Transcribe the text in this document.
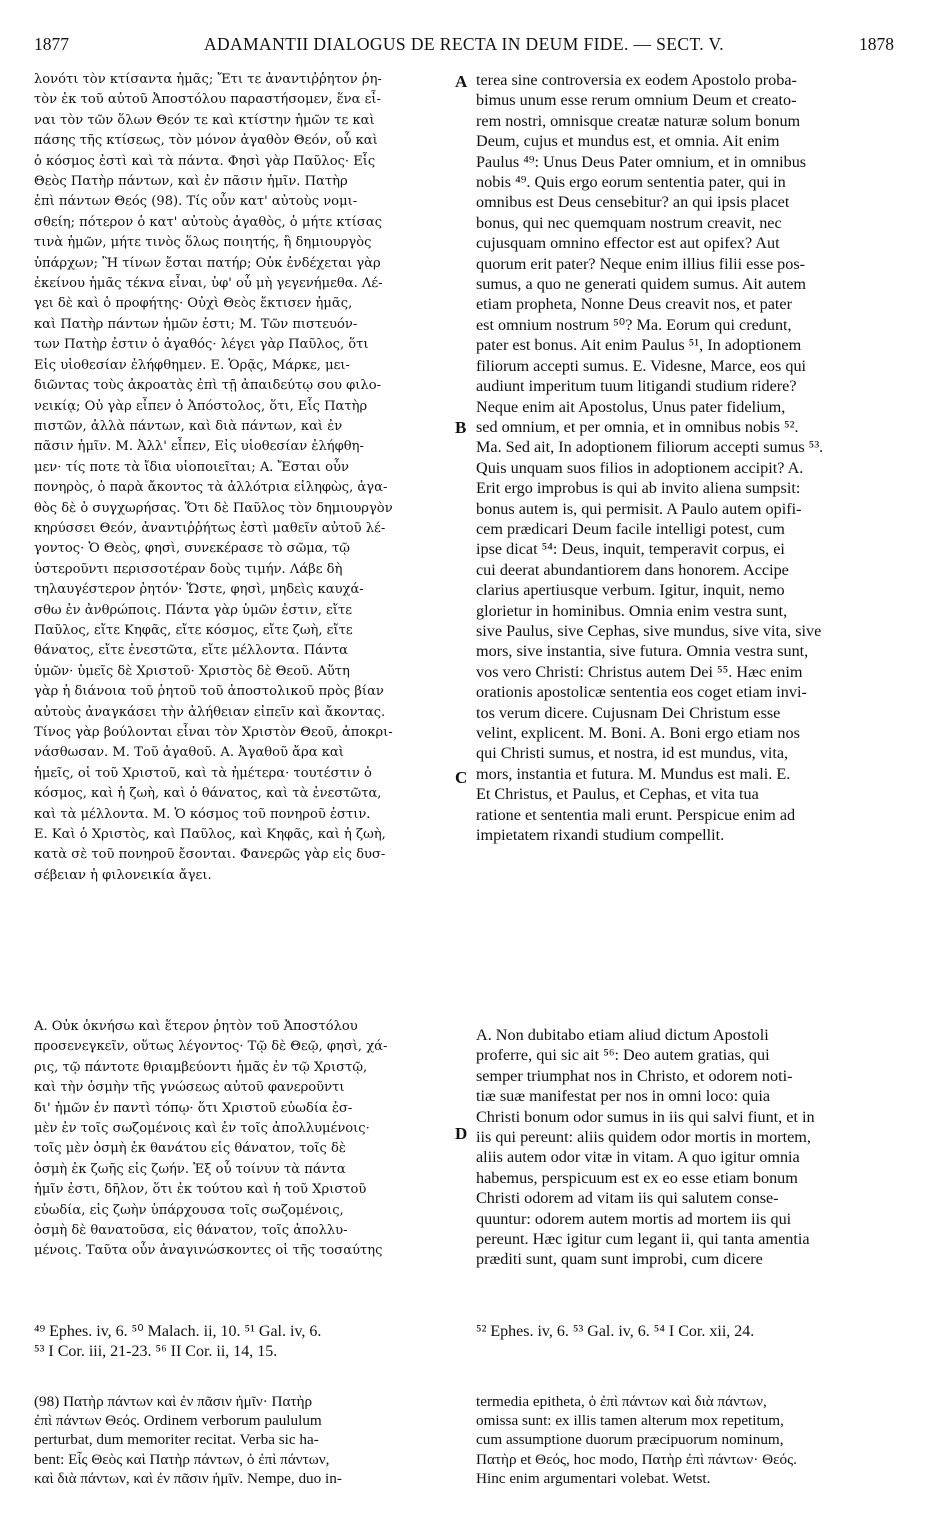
1877	ADAMANTII DIALOGUS DE RECTA IN DEUM FIDE. — SECT. V.	1878
λονότι τὸν κτίσαντα ἡμᾶς; Ἔτι τε ἀναντιῤῥητον ῥη-
τὸν ἐκ τοῦ αὐτοῦ Ἀποστόλου παραστήσομεν, ἕνα εἶ-
ναι τὸν τῶν ὅλων Θεόν τε καὶ κτίστην ἡμῶν τε καὶ
πάσης τῆς κτίσεως, τὸν μόνον ἀγαθὸν Θεόν, οὗ καὶ
ὁ κόσμος ἐστὶ καὶ τὰ πάντα. Φησὶ γὰρ Παῦλος· Εἷς
Θεὸς Πατὴρ πάντων, καὶ ἐν πᾶσιν ἡμῖν. Πατὴρ
ἐπὶ πάντων Θεός (98). Τίς οὖν κατ' αὐτοὺς νομι-
σθείη; πότερον ὁ κατ' αὐτοὺς ἀγαθὸς, ὁ μήτε κτίσας
τινὰ ἡμῶν, μήτε τινὸς ὅλως ποιητής, ἢ δημιουργὸς
ὑπάρχων; Ἢ τίνων ἔσται πατήρ; Οὐκ ἐνδέχεται γὰρ
ἐκείνου ἡμᾶς τέκνα εἶναι, ὑφ' οὗ μὴ γεγενήμεθα. Λέ-
γει δὲ καὶ ὁ προφήτης· Οὐχὶ Θεὸς ἔκτισεν ἡμᾶς,
καὶ Πατὴρ πάντων ἡμῶν ἐστι; Μ. Τῶν πιστευόν-
των Πατὴρ ἐστιν ὁ ἀγαθός· λέγει γὰρ Παῦλος, ὅτι
Εἰς υἱοθεσίαν ἐλήφθημεν. Ε. Ὁρᾷς, Μάρκε, μει-
διῶντας τοὺς ἀκροατὰς ἐπὶ τῇ ἀπαιδεύτῳ σου φιλο-
νεικίᾳ; Οὐ γὰρ εἶπεν ὁ Ἀπόστολος, ὅτι, Εἷς Πατὴρ
πιστῶν, ἀλλὰ πάντων, καὶ διὰ πάντων, καὶ ἐν
πᾶσιν ἡμῖν. Μ. Ἀλλ' εἶπεν, Εἰς υἱοθεσίαν ἐλήφθη-
μεν· τίς ποτε τὰ ἴδια υἱοποιεῖται; Α. Ἔσται οὖν
πονηρὸς, ὁ παρὰ ἄκοντος τὰ ἀλλότρια εἰληφὼς, ἀγα-
θὸς δὲ ὁ συγχωρήσας. Ὅτι δὲ Παῦλος τὸν δημιουργὸν
κηρύσσει Θεόν, ἀναντιῤῥήτως ἐστὶ μαθεῖν αὐτοῦ λέ-
γοντος· Ὁ Θεὸς, φησὶ, συνεκέρασε τὸ σῶμα, τῷ
ὑστεροῦντι περισσοτέραν δοὺς τιμήν. Λάβε δὴ
τηλαυγέστερον ῥητόν· Ὥστε, φησὶ, μηδεὶς καυχά-
σθω ἐν ἀνθρώποις. Πάντα γὰρ ὑμῶν ἐστιν, εἴτε
Παῦλος, εἴτε Κηφᾶς, εἴτε κόσμος, εἴτε ζωὴ, εἴτε
θάνατος, εἴτε ἐνεστῶτα, εἴτε μέλλοντα. Πάντα
ὑμῶν· ὑμεῖς δὲ Χριστοῦ· Χριστὸς δὲ Θεοῦ. Αὕτη
γὰρ ἡ διάνοια τοῦ ῥητοῦ τοῦ ἀποστολικοῦ πρὸς βίαν
αὐτοὺς ἀναγκάσει τὴν ἀλήθειαν εἰπεῖν καὶ ἄκοντας.
Τίνος γὰρ βούλονται εἶναι τὸν Χριστὸν Θεοῦ, ἀποκρι-
νάσθωσαν. Μ. Τοῦ ἀγαθοῦ. Α. Ἀγαθοῦ ἄρα καὶ
ἡμεῖς, οἱ τοῦ Χριστοῦ, καὶ τὰ ἡμέτερα· τουτέστιν ὁ
κόσμος, καὶ ἡ ζωὴ, καὶ ὁ θάνατος, καὶ τὰ ἐνεστῶτα,
καὶ τὰ μέλλοντα. Μ. Ὁ κόσμος τοῦ πονηροῦ ἐστιν.
Ε. Καὶ ὁ Χριστὸς, καὶ Παῦλος, καὶ Κηφᾶς, καὶ ἡ ζωὴ,
κατὰ σὲ τοῦ πονηροῦ ἔσονται. Φανερῶς γὰρ εἰς δυσ-
σέβειαν ἡ φιλονεικία ἄγει.
Α. Οὐκ ὀκνήσω καὶ ἕτερον ῥητὸν τοῦ Ἀποστόλου
προσενεγκεῖν, οὕτως λέγοντος· Τῷ δὲ Θεῷ, φησὶ, χά-
ρις, τῷ πάντοτε θριαμβεύοντι ἡμᾶς ἐν τῷ Χριστῷ,
καὶ τὴν ὀσμὴν τῆς γνώσεως αὐτοῦ φανεροῦντι
δι' ἡμῶν ἐν παντὶ τόπῳ· ὅτι Χριστοῦ εὐωδία ἐσ-
μὲν ἐν τοῖς σωζομένοις καὶ ἐν τοῖς ἀπολλυμένοις·
τοῖς μὲν ὀσμὴ ἐκ θανάτου εἰς θάνατον, τοῖς δὲ
ὀσμὴ ἐκ ζωῆς εἰς ζωήν. Ἐξ οὗ τοίνυν τὰ πάντα
ἡμῖν ἐστι, δῆλον, ὅτι ἐκ τούτου καὶ ἡ τοῦ Χριστοῦ
εὐωδία, εἰς ζωὴν ὑπάρχουσα τοῖς σωζομένοις,
ὀσμὴ δὲ θανατοῦσα, εἰς θάνατον, τοῖς ἀπολλυ-
μένοις. Ταῦτα οὖν ἀναγινώσκοντες οἱ τῆς τοσαύτης
terea sine controversia ex eodem Apostolo proba-
bimus unum esse rerum omnium Deum et creato-
rem nostri, omnisque creatæ naturæ solum bonum
Deum, cujus et mundus est, et omnia. Ait enim
Paulus ⁴⁹: Unus Deus Pater omnium, et in omnibus
nobis ⁴⁹. Quis ergo eorum sententia pater, qui in
omnibus est Deus censebitur? an qui ipsis placet
bonus, qui nec quemquam nostrum creavit, nec
cujusquam omnino effector est aut opifex? Aut
quorum erit pater? Neque enim illius filii esse pos-
sumus, a quo ne generati quidem sumus. Ait autem
etiam propheta, Nonne Deus creavit nos, et pater
est omnium nostrum ⁵⁰? Ma. Eorum qui credunt,
pater est bonus. Ait enim Paulus ⁵¹, In adoptionem
filiorum accepti sumus. E. Videsne, Marce, eos qui
audiunt imperitum tuum litigandi studium ridere?
Neque enim ait Apostolus, Unus pater fidelium,
sed omnium, et per omnia, et in omnibus nobis ⁵².
Ma. Sed ait, In adoptionem filiorum accepti sumus ⁵³.
Quis unquam suos filios in adoptionem accipit? A.
Erit ergo improbus is qui ab invito aliena sumpsit:
bonus autem is, qui permisit. A Paulo autem opifi-
cem prædicari Deum facile intelligi potest, cum
ipse dicat ⁵⁴: Deus, inquit, temperavit corpus, ei
cui deerat abundantiorem dans honorem. Accipe
clarius apertiusque verbum. Igitur, inquit, nemo
glorietur in hominibus. Omnia enim vestra sunt,
sive Paulus, sive Cephas, sive mundus, sive vita, sive
mors, sive instantia, sive futura. Omnia vestra sunt,
vos vero Christi: Christus autem Dei ⁵⁵. Hæc enim
orationis apostolicæ sententia eos coget etiam invi-
tos verum dicere. Cujusnam Dei Christum esse
velint, explicent. M. Boni. A. Boni ergo etiam nos
qui Christi sumus, et nostra, id est mundus, vita,
mors, instantia et futura. M. Mundus est mali. E.
Et Christus, et Paulus, et Cephas, et vita tua
ratione et sententia mali erunt. Perspicue enim ad
impietatem rixandi studium compellit.
A. Non dubitabo etiam aliud dictum Apostoli
proferre, qui sic ait ⁵⁶: Deo autem gratias, qui
semper triumphat nos in Christo, et odorem noti-
tiæ suæ manifestat per nos in omni loco: quia
Christi bonum odor sumus in iis qui salvi fiunt, et in
iis qui pereunt: aliis quidem odor mortis in mortem,
aliis autem odor vitæ in vitam. A quo igitur omnia
habemus, perspicuum est ex eo esse etiam bonum
Christi odorem ad vitam iis qui salutem conse-
quuntur: odorem autem mortis ad mortem iis qui
pereunt. Hæc igitur cum legant ii, qui tanta amentia
præditi sunt, quam sunt improbi, cum dicere
A
B
C
D
⁴⁹ Ephes. iv, 6. ⁵⁰ Malach. ii, 10. ⁵¹ Gal. iv, 6.
⁵³ I Cor. iii, 21-23. ⁵⁶ II Cor. ii, 14, 15.
⁵² Ephes. iv, 6. ⁵³ Gal. iv, 6. ⁵⁴ I Cor. xii, 24.
(98) Πατὴρ πάντων καὶ ἐν πᾶσιν ἡμῖν· Πατὴρ
ἐπὶ πάντων Θεός. Ordinem verborum paululum
perturbat, dum memoriter recitat. Verba sic ha-
bent: Εἷς Θεὸς καὶ Πατὴρ πάντων, ὁ ἐπὶ πάντων,
καὶ διὰ πάντων, καὶ ἐν πᾶσιν ἡμῖν. Nempe, duo in-
termedia epitheta, ὁ ἐπὶ πάντων καὶ διὰ πάντων,
omissa sunt: ex illis tamen alterum mox repetitum,
cum assumptione duorum præcipuorum nominum,
Πατὴρ et Θεός, hoc modo, Πατὴρ ἐπὶ πάντων· Θεός.
Hinc enim argumentari volebat. Wetst.
